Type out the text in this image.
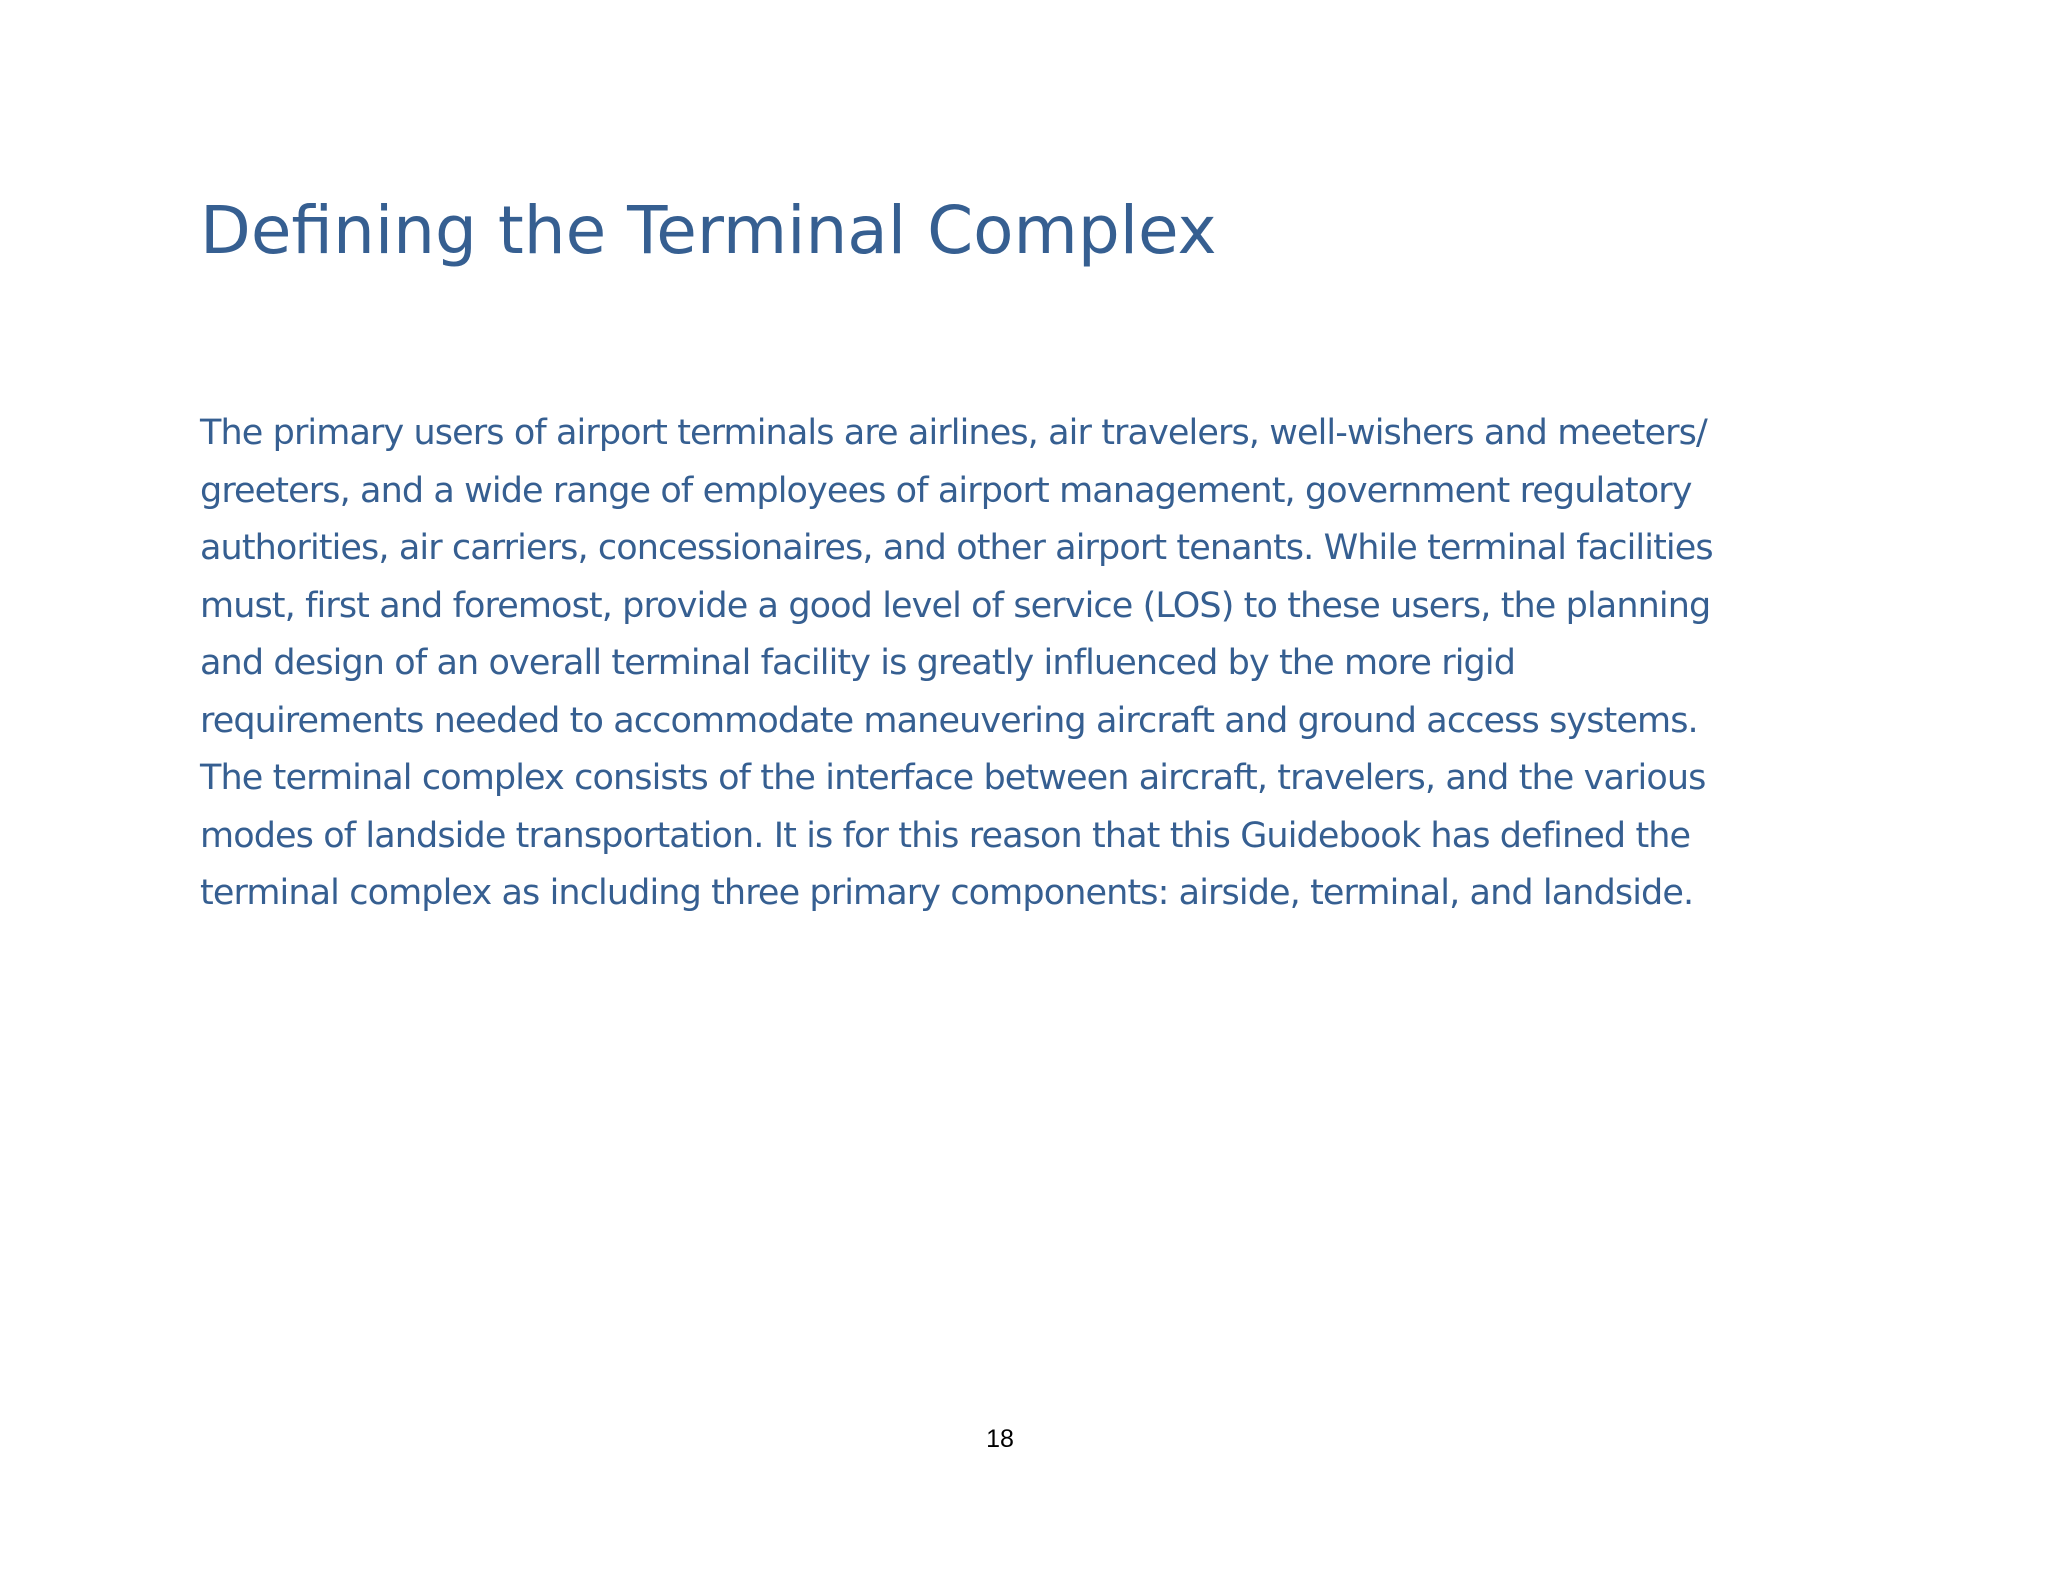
Defining the Terminal Complex
The primary users of airport terminals are airlines, air travelers, well-wishers and meeters/
greeters, and a wide range of employees of airport management, government regulatory
authorities, air carriers, concessionaires, and other airport tenants. While terminal facilities
must, first and foremost, provide a good level of service (LOS) to these users, the planning
and design of an overall terminal facility is greatly influenced by the more rigid
requirements needed to accommodate maneuvering aircraft and ground access systems.
The terminal complex consists of the interface between aircraft, travelers, and the various
modes of landside transportation. It is for this reason that this Guidebook has defined the
terminal complex as including three primary components: airside, terminal, and landside.
18
